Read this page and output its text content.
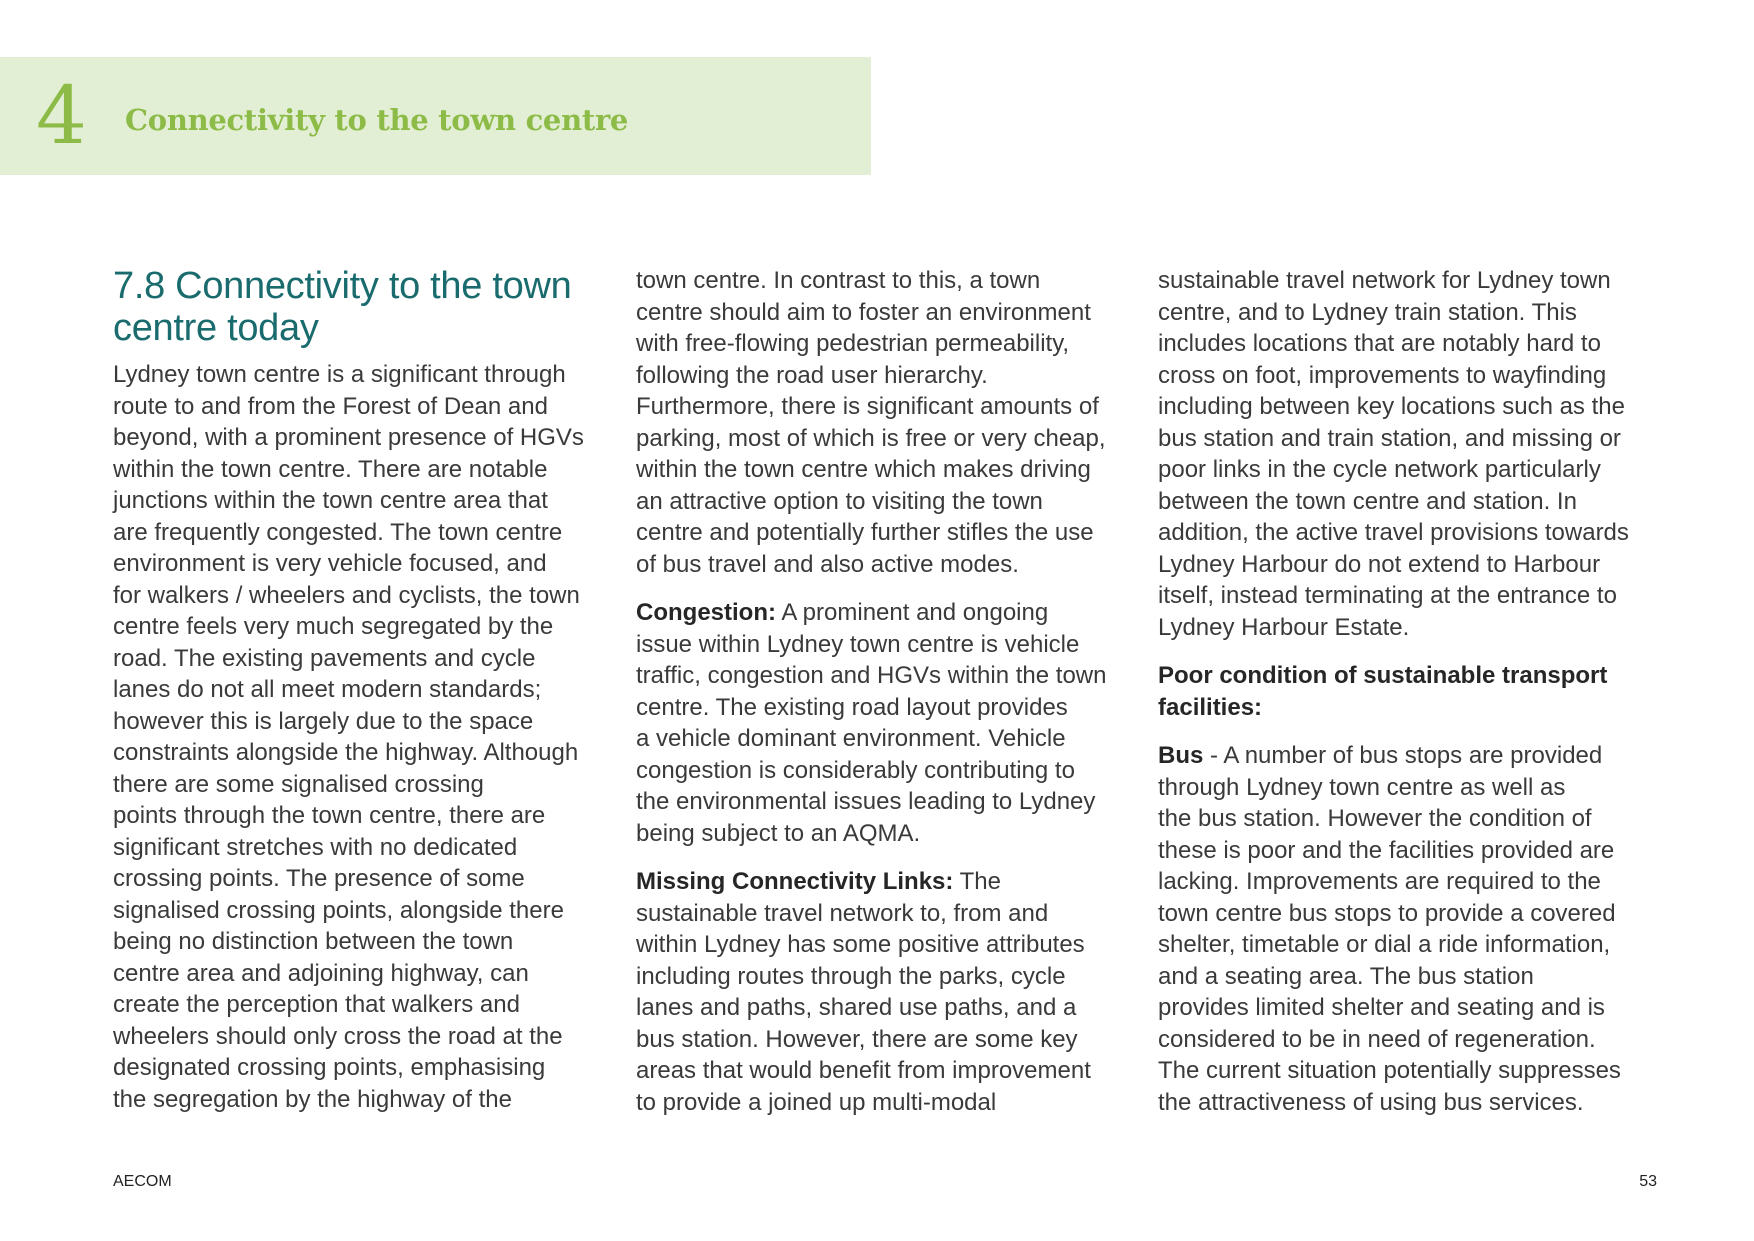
4 Connectivity to the town centre
7.8 Connectivity to the town
centre today

Lydney town centre is a significant through
route to and from the Forest of Dean and
beyond, with a prominent presence of HGVs
within the town centre. There are notable
junctions within the town centre area that
are frequently congested. The town centre
environment is very vehicle focused, and
for walkers / wheelers and cyclists, the town
centre feels very much segregated by the
road. The existing pavements and cycle
lanes do not all meet modern standards;
however this is largely due to the space
constraints alongside the highway. Although
there are some signalised crossing
points through the town centre, there are
significant stretches with no dedicated
crossing points. The presence of some
signalised crossing points, alongside there
being no distinction between the town
centre area and adjoining highway, can
create the perception that walkers and
wheelers should only cross the road at the
designated crossing points, emphasising
the segregation by the highway of the

town centre. In contrast to this, a town
centre should aim to foster an environment
with free-flowing pedestrian permeability,
following the road user hierarchy.
Furthermore, there is significant amounts of
parking, most of which is free or very cheap,
within the town centre which makes driving
an attractive option to visiting the town
centre and potentially further stifles the use
of bus travel and also active modes.

Congestion: A prominent and ongoing
issue within Lydney town centre is vehicle
traffic, congestion and HGVs within the town
centre. The existing road layout provides
a vehicle dominant environment. Vehicle
congestion is considerably contributing to
the environmental issues leading to Lydney
being subject to an AQMA.

Missing Connectivity Links: The
sustainable travel network to, from and
within Lydney has some positive attributes
including routes through the parks, cycle
lanes and paths, shared use paths, and a
bus station. However, there are some key
areas that would benefit from improvement
to provide a joined up multi-modal

sustainable travel network for Lydney town
centre, and to Lydney train station. This
includes locations that are notably hard to
cross on foot, improvements to wayfinding
including between key locations such as the
bus station and train station, and missing or
poor links in the cycle network particularly
between the town centre and station. In
addition, the active travel provisions towards
Lydney Harbour do not extend to Harbour
itself, instead terminating at the entrance to
Lydney Harbour Estate.

Poor condition of sustainable transport
facilities:

Bus - A number of bus stops are provided
through Lydney town centre as well as
the bus station. However the condition of
these is poor and the facilities provided are
lacking. Improvements are required to the
town centre bus stops to provide a covered
shelter, timetable or dial a ride information,
and a seating area. The bus station
provides limited shelter and seating and is
considered to be in need of regeneration.
The current situation potentially suppresses
the attractiveness of using bus services.

AECOM	53
